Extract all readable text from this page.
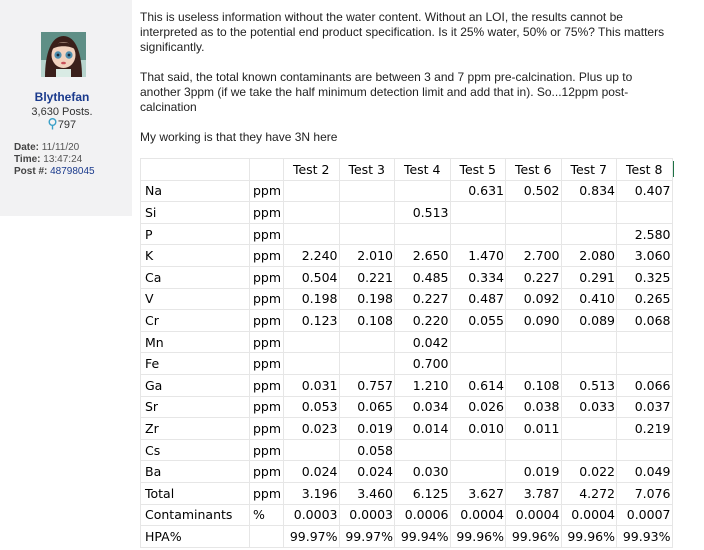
Blythefan
3,630 Posts.
797
Date: 11/11/20
Time: 13:47:24
Post #: 48798045

This is useless information without the water content. Without an LOI, the results cannot be

interpreted as to the potential end product specification. Is it 25% water, 50% or 75%? This matters

significantly.

That said, the total known contaminants are between 3 and 7 ppm pre-calcination. Plus up to

another 3ppm (if we take the half minimum detection limit and add that in). So...12ppm post-

calcination

My working is that they have 3N here

		Test 2	Test 3	Test 4	Test 5	Test 6	Test 7	Test 8	
Na	ppm				0.631	0.502	0.834	0.407	
Si	ppm			0.513					
P	ppm							2.580	
K	ppm	2.240	2.010	2.650	1.470	2.700	2.080	3.060	
Ca	ppm	0.504	0.221	0.485	0.334	0.227	0.291	0.325	
V	ppm	0.198	0.198	0.227	0.487	0.092	0.410	0.265	
Cr	ppm	0.123	0.108	0.220	0.055	0.090	0.089	0.068	
Mn	ppm			0.042					
Fe	ppm			0.700					
Ga	ppm	0.031	0.757	1.210	0.614	0.108	0.513	0.066	
Sr	ppm	0.053	0.065	0.034	0.026	0.038	0.033	0.037	
Zr	ppm	0.023	0.019	0.014	0.010	0.011		0.219	
Cs	ppm		0.058						
Ba	ppm	0.024	0.024	0.030		0.019	0.022	0.049	
Total	ppm	3.196	3.460	6.125	3.627	3.787	4.272	7.076	
Contaminants	%	0.0003	0.0003	0.0006	0.0004	0.0004	0.0004	0.0007	
HPA%		99.97%	99.97%	99.94%	99.96%	99.96%	99.96%	99.93%	
